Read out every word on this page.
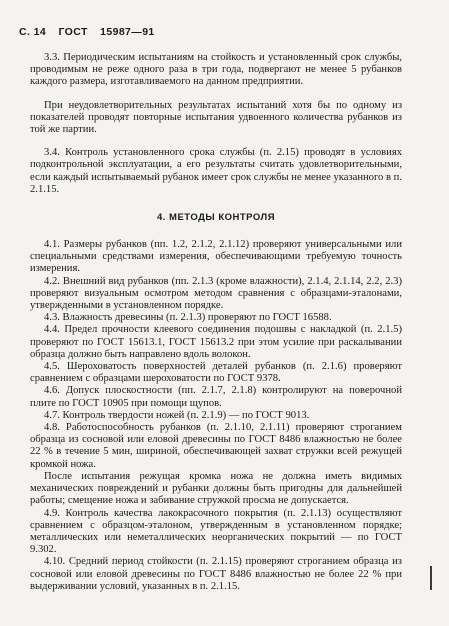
С. 14 ГОСТ 15987—91

3.3. Периодическим испытаниям на стойкость и установленный срок службы, проводимым не реже одного раза в три года, подвергают не менее 5 рубанков каждого размера, изготавливаемого на данном предприятии.

При неудовлетворительных результатах испытаний хотя бы по одному из показателей проводят повторные испытания удвоенного количества рубанков из той же партии.

3.4. Контроль установленного срока службы (п. 2.15) проводят в условиях подконтрольной эксплуатации, а его результаты считать удовлетворительными, если каждый испытываемый рубанок имеет срок службы не менее указанного в п. 2.1.15.

4. МЕТОДЫ КОНТРОЛЯ

4.1. Размеры рубанков (пп. 1.2, 2.1.2, 2.1.12) проверяют универсальными или специальными средствами измерения, обеспечивающими требуемую точность измерения.

4.2. Внешний вид рубанков (пп. 2.1.3 (кроме влажности), 2.1.4, 2.1.14, 2.2, 2.3) проверяют визуальным осмотром методом сравнения с образцами-эталонами, утвержденными в установленном порядке.

4.3. Влажность древесины (п. 2.1.3) проверяют по ГОСТ 16588.

4.4. Предел прочности клеевого соединения подошвы с накладкой (п. 2.1.5) проверяют по ГОСТ 15613.1, ГОСТ 15613.2 при этом усилие при раскалывании образца должно быть направлено вдоль волокон.

4.5. Шероховатость поверхностей деталей рубанков (п. 2.1.6) проверяют сравнением с образцами шероховатости по ГОСТ 9378.

4.6. Допуск плоскостности (пп. 2.1.7, 2.1.8) контролируют на поверочной плите по ГОСТ 10905 при помощи щупов.

4.7. Контроль твердости ножей (п. 2.1.9) — по ГОСТ 9013.

4.8. Работоспособность рубанков (п. 2.1.10, 2.1.11) проверяют строганием образца из сосновой или еловой древесины по ГОСТ 8486 влажностью не более 22 % в течение 5 мин, шириной, обеспечивающей захват стружки всей режущей кромкой ножа.

После испытания режущая кромка ножа не должна иметь видимых механических повреждений и рубанки должны быть пригодны для дальнейшей работы; смещение ножа и забивание стружкой просма не допускается.

4.9. Контроль качества лакокрасочного покрытия (п. 2.1.13) осуществляют сравнением с образцом-эталоном, утвержденным в установленном порядке; металлических или неметаллических неорганических покрытий — по ГОСТ 9.302.

4.10. Средний период стойкости (п. 2.1.15) проверяют строганием образца из сосновой или еловой древесины по ГОСТ 8486 влажностью не более 22 % при выдерживании условий, указанных в п. 2.1.15.
